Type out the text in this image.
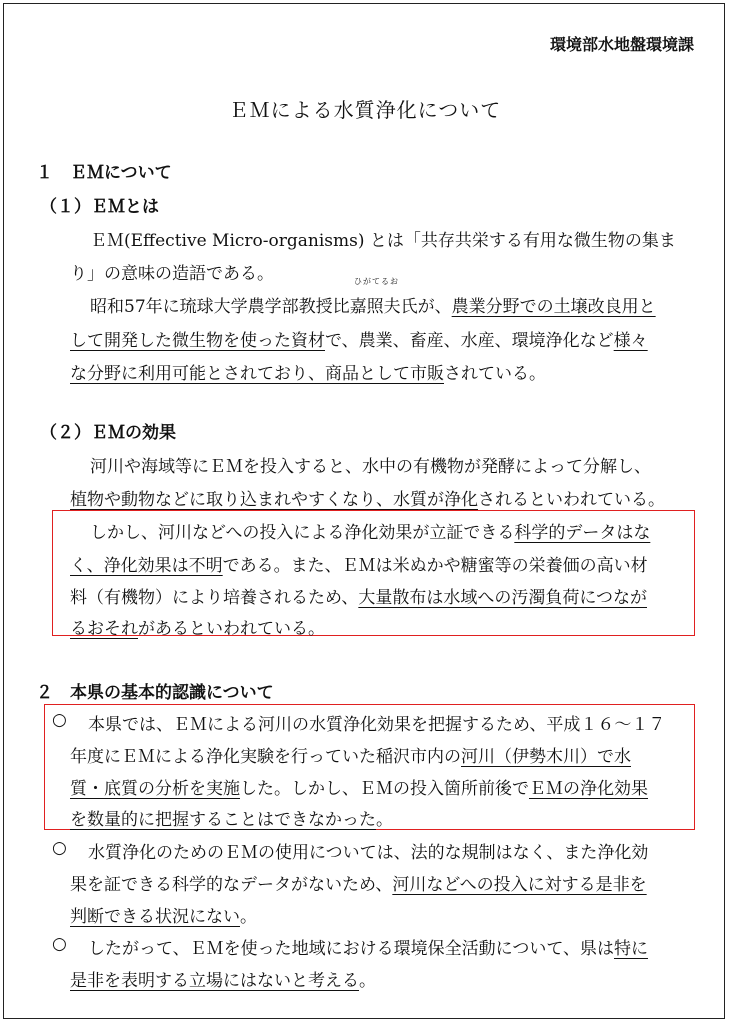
環境部水地盤環境課
ＥＭによる水質浄化について
１　ＥＭについて
（１）ＥＭとは
ＥＭ(Effective Micro-organisms) とは「共存共栄する有用な微生物の集ま
り」の意味の造語である。	ひがてるお
昭和57年に琉球大学農学部教授比嘉照夫氏が、農業分野での土壌改良用と
して開発した微生物を使った資材で、農業、畜産、水産、環境浄化など様々
な分野に利用可能とされており、商品として市販されている。
（２）ＥＭの効果
河川や海域等にＥＭを投入すると、水中の有機物が発酵によって分解し、
植物や動物などに取り込まれやすくなり、水質が浄化されるといわれている。
しかし、河川などへの投入による浄化効果が立証できる科学的データはな
く、浄化効果は不明である。また、ＥＭは米ぬかや糖蜜等の栄養価の高い材
料（有機物）により培養されるため、大量散布は水域への汚濁負荷につなが
るおそれがあるといわれている。
２　本県の基本的認識について
○ 本県では、ＥＭによる河川の水質浄化効果を把握するため、平成１６～１７
年度にＥＭによる浄化実験を行っていた稲沢市内の河川（伊勢木川）で水
質・底質の分析を実施した。しかし、ＥＭの投入箇所前後でＥＭの浄化効果
を数量的に把握することはできなかった。
○ 水質浄化のためのＥＭの使用については、法的な規制はなく、また浄化効
果を証できる科学的なデータがないため、河川などへの投入に対する是非を
判断できる状況にない。
○ したがって、ＥＭを使った地域における環境保全活動について、県は特に
是非を表明する立場にはないと考える。
